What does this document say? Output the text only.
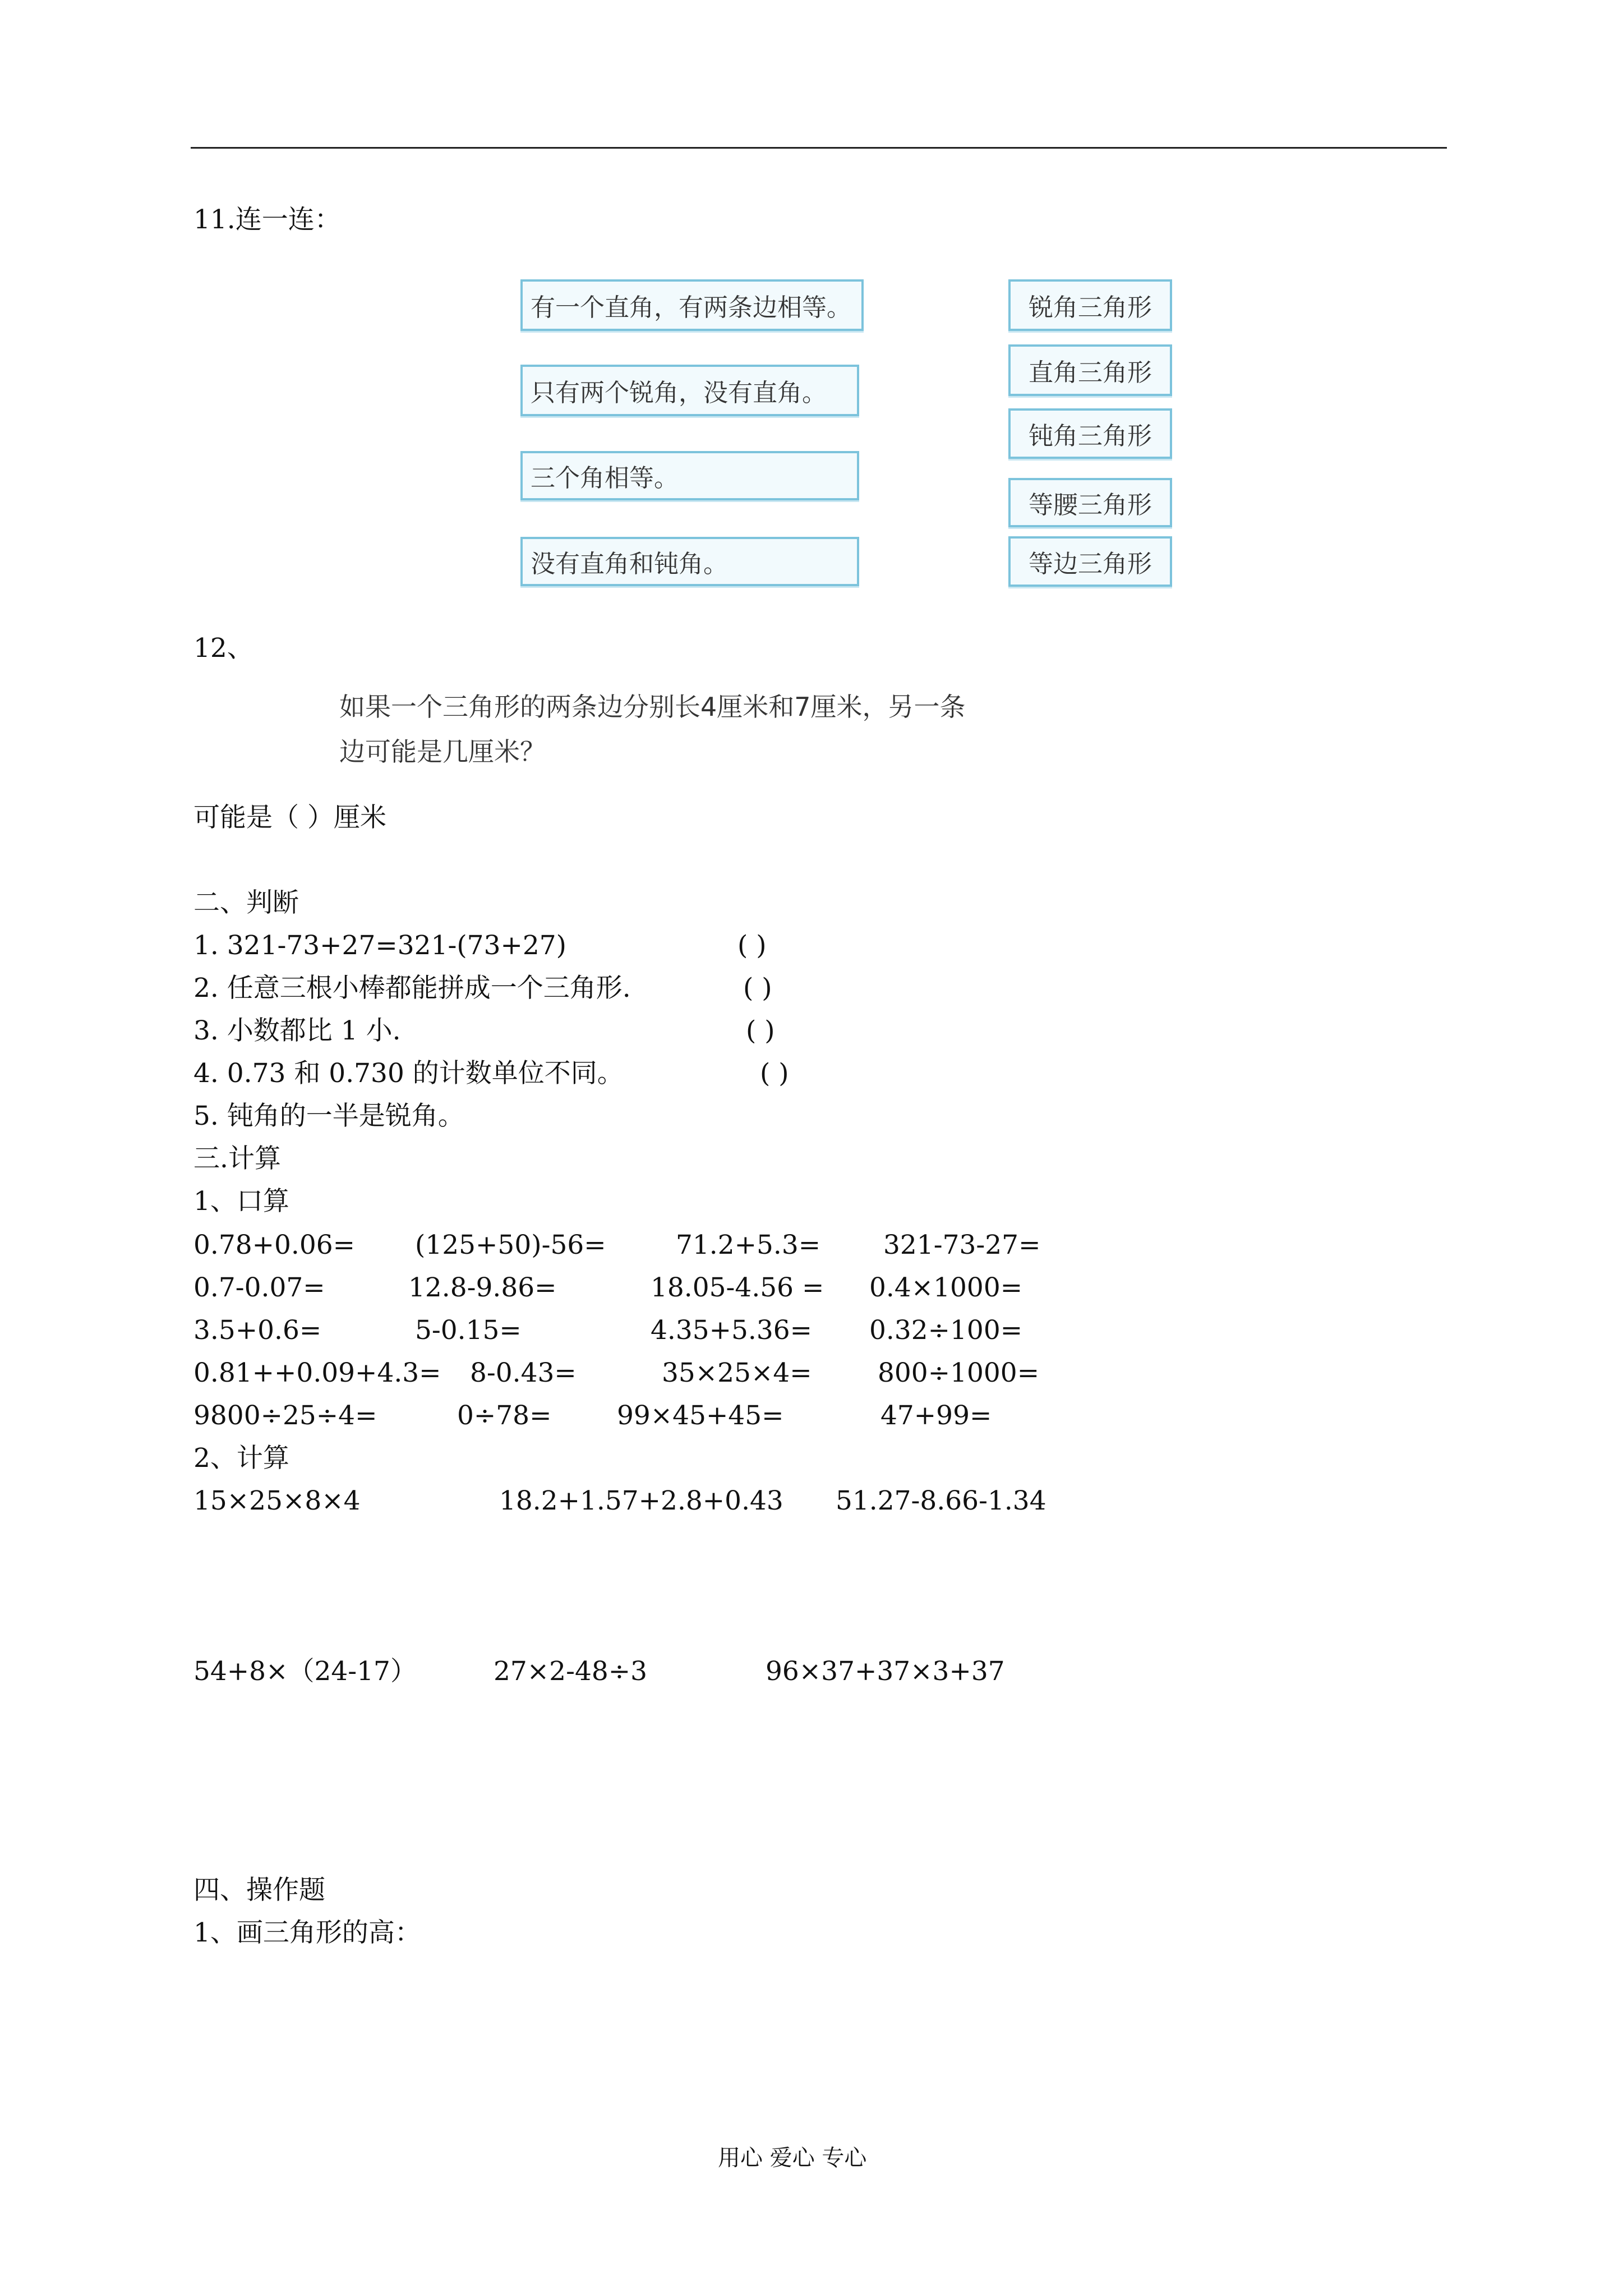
11.连一连：
有一个直角，有两条边相等。
只有两个锐角，没有直角。
三个角相等。
没有直角和钝角。
锐角三角形
直角三角形
钝角三角形
等腰三角形
等边三角形
12、
如果一个三角形的两条边分别长4厘米和7厘米，另一条
边可能是几厘米？
可能是（ ）厘米
二、判断
1. 321-73+27=321-(73+27)	( )
2. 任意三根小棒都能拼成一个三角形.	( )
3. 小数都比 1 小.	( )
4. 0.73 和 0.730 的计数单位不同。	( )
5. 钝角的一半是锐角。
三.计算
1、口算
0.78+0.06= (125+50)-56=	71.2+5.3= 321-73-27=
0.7-0.07=	12.8-9.86=	18.05-4.56 = 0.4×1000=
3.5+0.6=	5-0.15=	4.35+5.36= 0.32÷100=
0.81++0.09+4.3= 8-0.43=	35×25×4= 800÷1000=
9800÷25÷4=	0÷78= 99×45+45=	47+99=
2、计算
15×25×8×4	18.2+1.57+2.8+0.43 51.27-8.66-1.34
54+8×（24-17）	27×2-48÷3	96×37+37×3+37
四、操作题
1、画三角形的高：
用心 爱心 专心
